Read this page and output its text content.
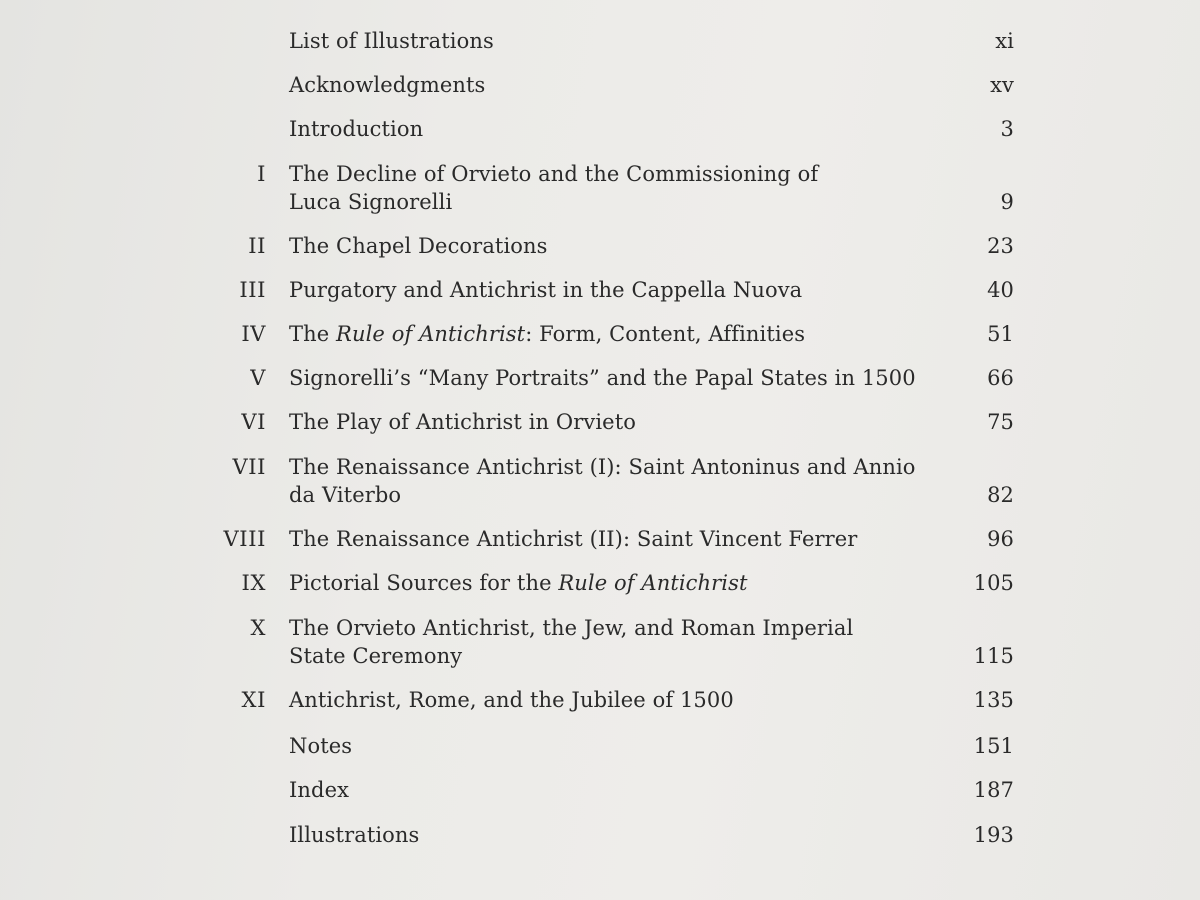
List of Illustrations	xi
Acknowledgments	xv
Introduction	3
I The Decline of Orvieto and the Commissioning of Luca Signorelli	9
II The Chapel Decorations	23
III Purgatory and Antichrist in the Cappella Nuova	40
IV The Rule of Antichrist: Form, Content, Affinities	51
V Signorelli’s “Many Portraits” and the Papal States in 1500	66
VI The Play of Antichrist in Orvieto	75
VII The Renaissance Antichrist (I): Saint Antoninus and Annio da Viterbo	82
VIII The Renaissance Antichrist (II): Saint Vincent Ferrer	96
IX Pictorial Sources for the Rule of Antichrist	105
X The Orvieto Antichrist, the Jew, and Roman Imperial State Ceremony	115
XI Antichrist, Rome, and the Jubilee of 1500	135
Notes	151
Index	187
Illustrations	193
